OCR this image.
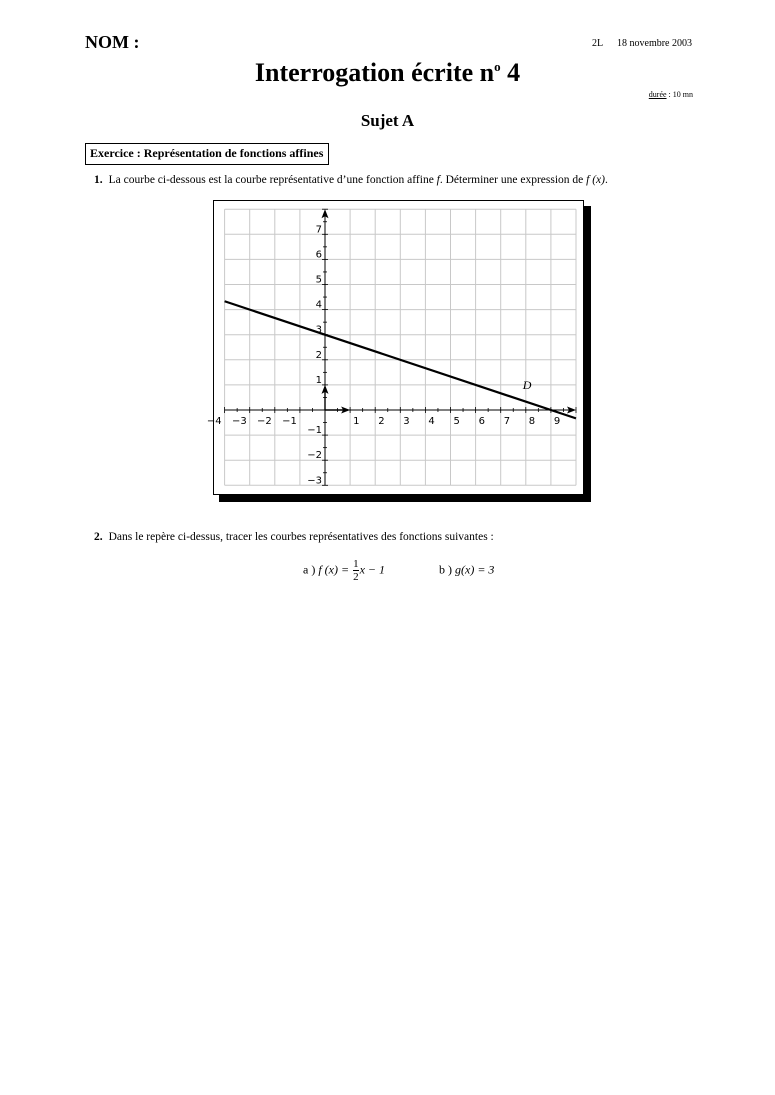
NOM :	2L 18 novembre 2003
Interrogation écrite $n^o$ 4
durée : 10 mn
Sujet A
Exercice : Représentation de fonctions affines
1. La courbe ci-dessous est la courbe représentative d’une fonction affine f. Déterminer une expression de f (x).
−4 −3 −2 −1	1 2 3 4 5 6 7 8 9
−3
−2
−1
1
2
3
4
5
6
7
D
2. Dans le repère ci-dessus, tracer les courbes représentatives des fonctions suivantes :
a ) f $(x) = \frac{1}{2}$ x − 1	b ) g(x) = 3
